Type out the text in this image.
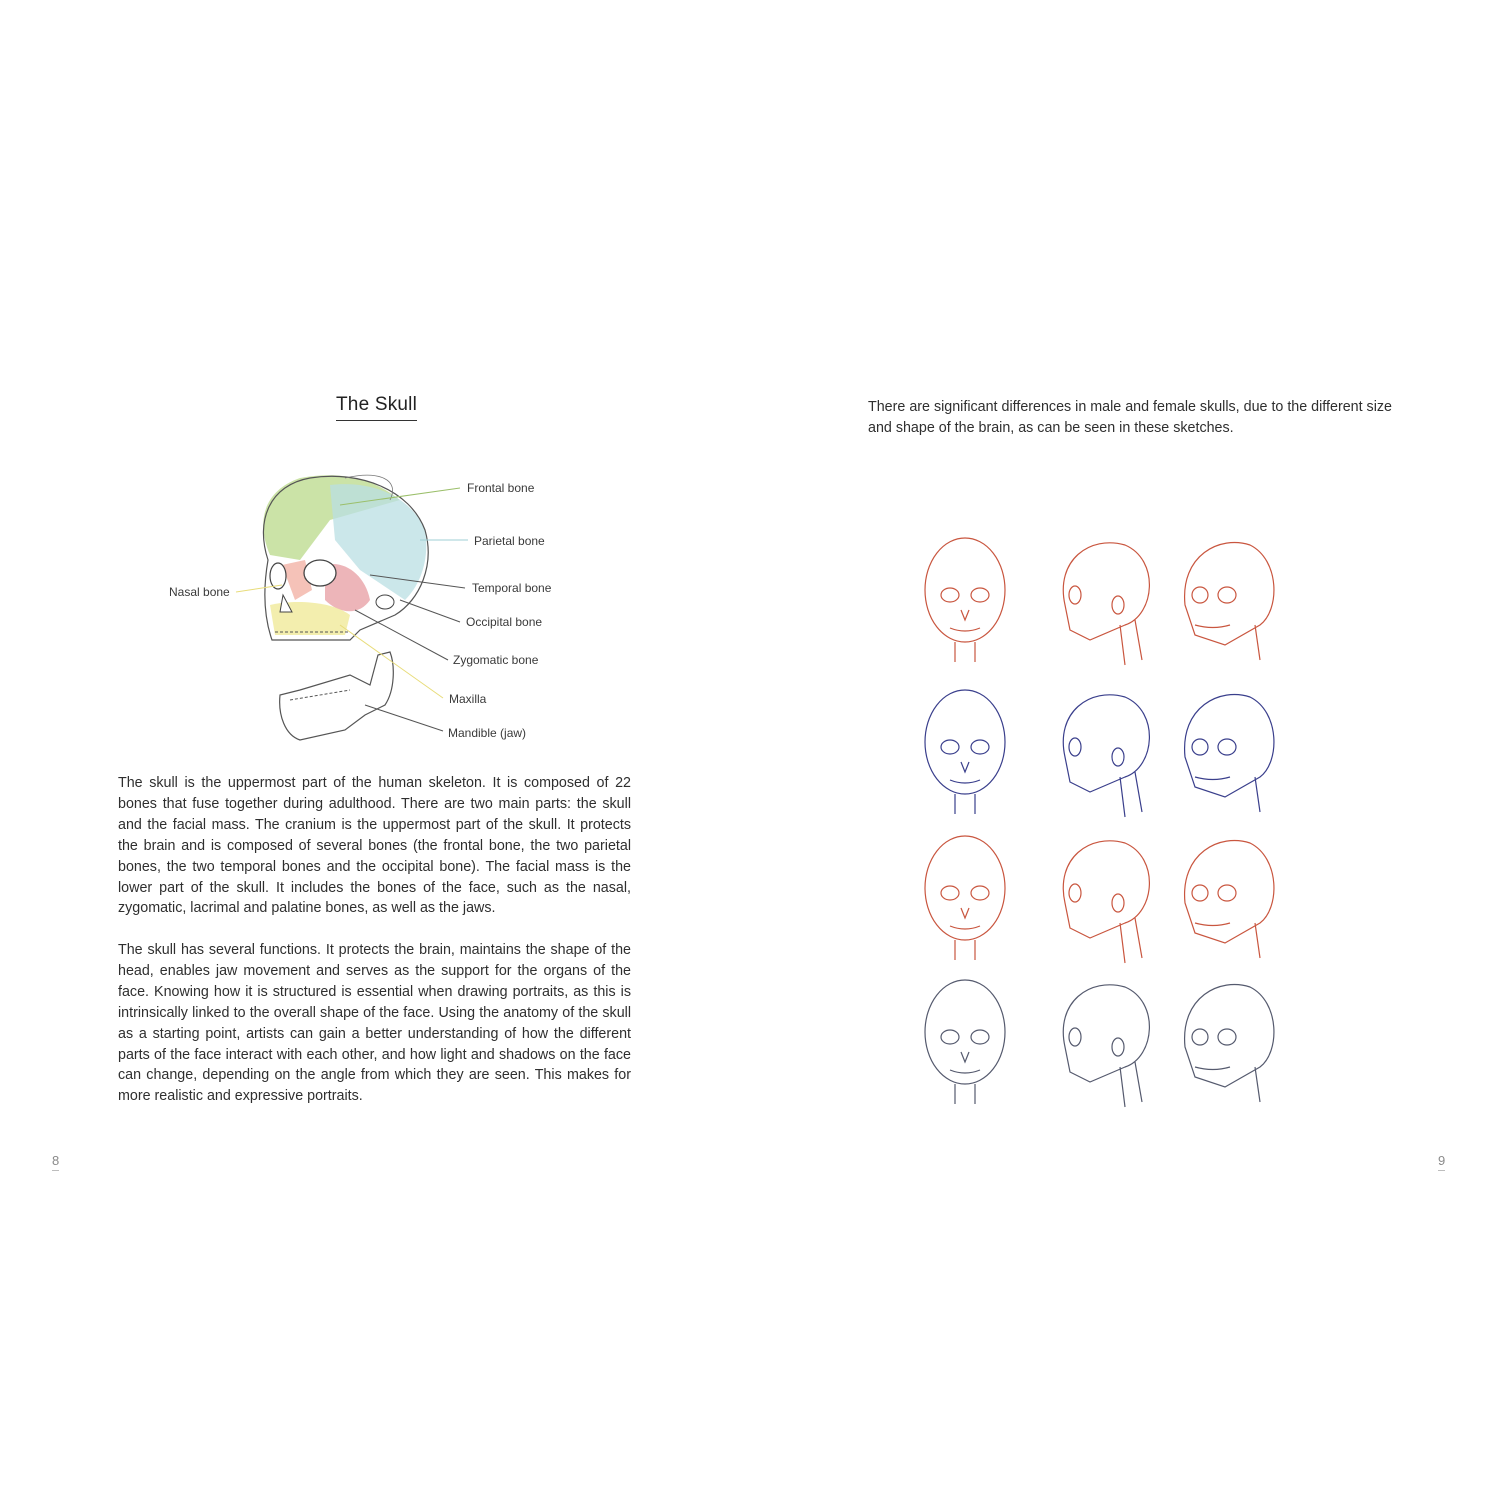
The Skull
Frontal bone
Parietal bone
Temporal bone
Occipital bone
Zygomatic bone
Maxilla
Mandible (jaw)
Nasal bone

The skull is the uppermost part of the human skeleton. It is composed of 22 bones that fuse together during adulthood. There are two main parts: the skull and the facial mass. The cranium is the uppermost part of the skull. It protects the brain and is composed of several bones (the frontal bone, the two parietal bones, the two temporal bones and the occipital bone). The facial mass is the lower part of the skull. It includes the bones of the face, such as the nasal, zygomatic, lacrimal and palatine bones, as well as the jaws.

The skull has several functions. It protects the brain, maintains the shape of the head, enables jaw movement and serves as the support for the organs of the face. Knowing how it is structured is essential when drawing portraits, as this is intrinsically linked to the overall shape of the face. Using the anatomy of the skull as a starting point, artists can gain a better understanding of how the different parts of the face interact with each other, and how light and shadows on the face can change, depending on the angle from which they are seen. This makes for more realistic and expressive portraits.

8

There are significant differences in male and female skulls, due to the different size and shape of the brain, as can be seen in these sketches.

9
